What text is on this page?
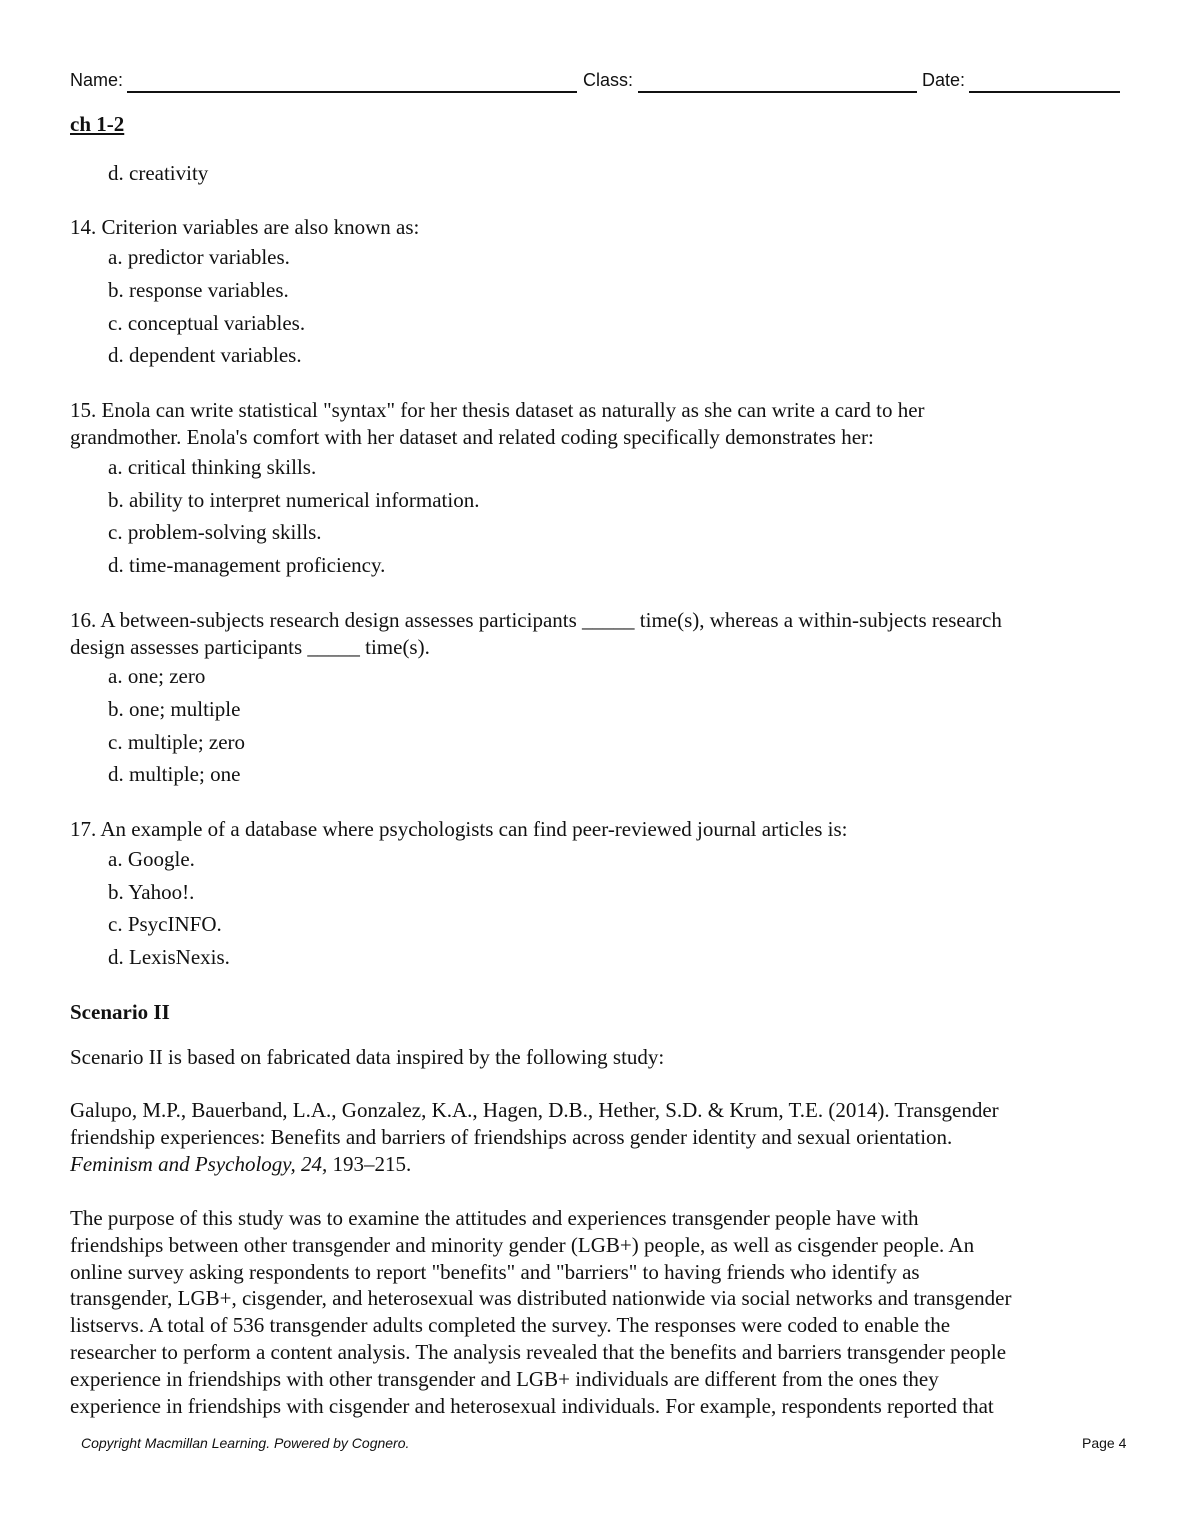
Name:	Class:	Date:
ch 1-2
d. creativity
14. Criterion variables are also known as:
a. predictor variables.
b. response variables.
c. conceptual variables.
d. dependent variables.
15. Enola can write statistical "syntax" for her thesis dataset as naturally as she can write a card to her
grandmother. Enola's comfort with her dataset and related coding specifically demonstrates her:
a. critical thinking skills.
b. ability to interpret numerical information.
c. problem-solving skills.
d. time-management proficiency.
16. A between-subjects research design assesses participants _____ time(s), whereas a within-subjects research
design assesses participants _____ time(s).
a. one; zero
b. one; multiple
c. multiple; zero
d. multiple; one
17. An example of a database where psychologists can find peer-reviewed journal articles is:
a. Google.
b. Yahoo!.
c. PsycINFO.
d. LexisNexis.
Scenario II
Scenario II is based on fabricated data inspired by the following study:
Galupo, M.P., Bauerband, L.A., Gonzalez, K.A., Hagen, D.B., Hether, S.D. & Krum, T.E. (2014). Transgender
friendship experiences: Benefits and barriers of friendships across gender identity and sexual orientation.
Feminism and Psychology, 24, 193–215.
The purpose of this study was to examine the attitudes and experiences transgender people have with
friendships between other transgender and minority gender (LGB+) people, as well as cisgender people. An
online survey asking respondents to report "benefits" and "barriers" to having friends who identify as
transgender, LGB+, cisgender, and heterosexual was distributed nationwide via social networks and transgender
listservs. A total of 536 transgender adults completed the survey. The responses were coded to enable the
researcher to perform a content analysis. The analysis revealed that the benefits and barriers transgender people
experience in friendships with other transgender and LGB+ individuals are different from the ones they
experience in friendships with cisgender and heterosexual individuals. For example, respondents reported that
Copyright Macmillan Learning. Powered by Cognero.	Page 4
